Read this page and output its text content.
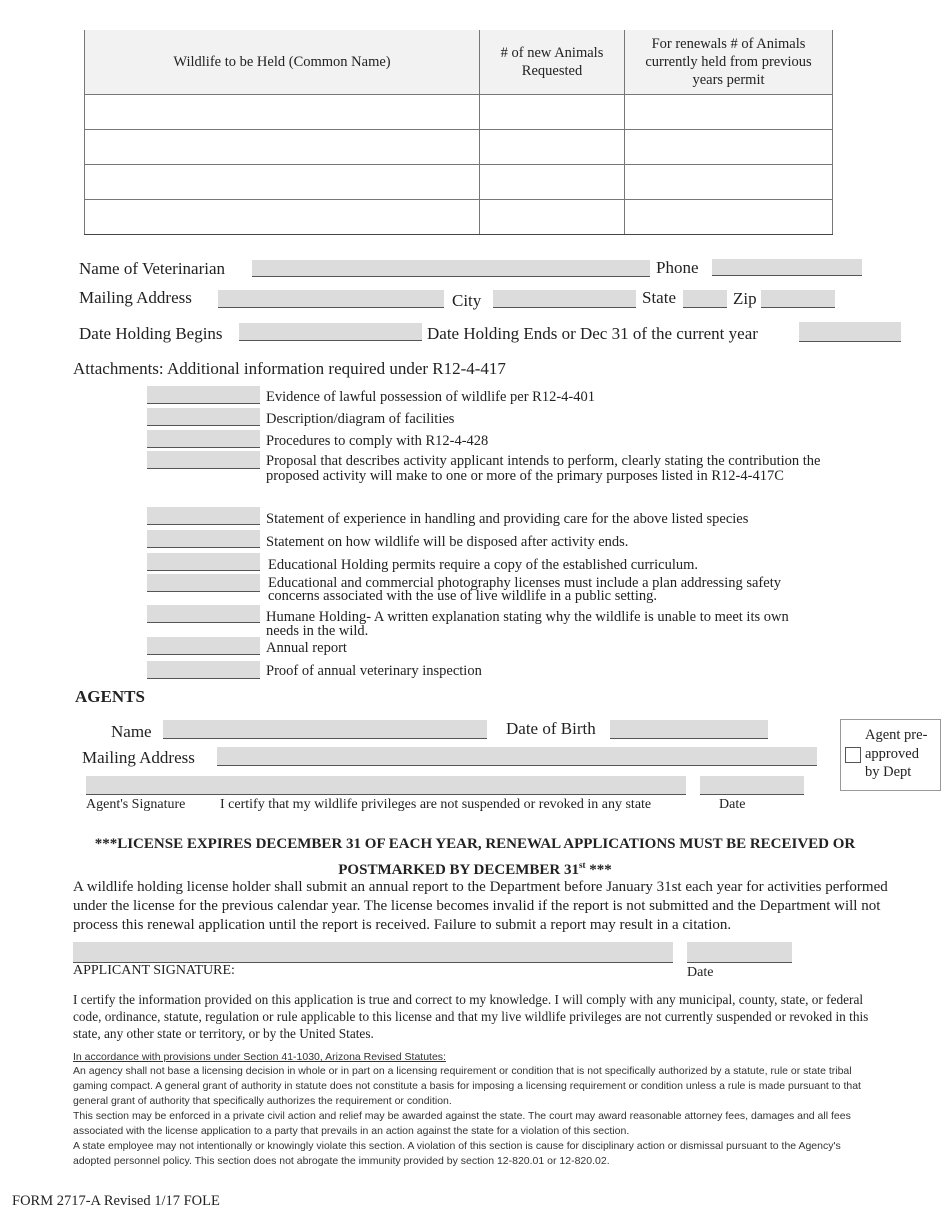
Wildlife to be Held (Common Name)	# of new Animals Requested	For renewals # of Animals currently held from previous years permit

Name of Veterinarian	Phone
Mailing Address	City	State	Zip
Date Holding Begins	Date Holding Ends or Dec 31 of the current year
Attachments: Additional information required under R12-4-417
Evidence of lawful possession of wildlife per R12-4-401
Description/diagram of facilities
Procedures to comply with R12-4-428
Proposal that describes activity applicant intends to perform, clearly stating the contribution the proposed activity will make to one or more of the primary purposes listed in R12-4-417C
Statement of experience in handling and providing care for the above listed species
Statement on how wildlife will be disposed after activity ends.
Educational Holding permits require a copy of the established curriculum.
Educational and commercial photography licenses must include a plan addressing safety concerns associated with the use of live wildlife in a public setting.
Humane Holding- A written explanation stating why the wildlife is unable to meet its own needs in the wild.
Annual report
Proof of annual veterinary inspection
AGENTS
Name	Date of Birth
Mailing Address
Agent pre-approved by Dept
Agent's Signature I certify that my wildlife privileges are not suspended or revoked in any state	Date
***LICENSE EXPIRES DECEMBER 31 OF EACH YEAR, RENEWAL APPLICATIONS MUST BE RECEIVED OR
POSTMARKED BY DECEMBER 31st ***
A wildlife holding license holder shall submit an annual report to the Department before January 31st each year for activities performed under the license for the previous calendar year. The license becomes invalid if the report is not submitted and the Department will not process this renewal application until the report is received. Failure to submit a report may result in a citation.
APPLICANT SIGNATURE:	Date
I certify the information provided on this application is true and correct to my knowledge. I will comply with any municipal, county, state, or federal code, ordinance, statute, regulation or rule applicable to this license and that my live wildlife privileges are not currently suspended or revoked in this state, any other state or territory, or by the United States.
In accordance with provisions under Section 41-1030, Arizona Revised Statutes:
An agency shall not base a licensing decision in whole or in part on a licensing requirement or condition that is not specifically authorized by a statute, rule or state tribal gaming compact. A general grant of authority in statute does not constitute a basis for imposing a licensing requirement or condition unless a rule is made pursuant to that general grant of authority that specifically authorizes the requirement or condition.
This section may be enforced in a private civil action and relief may be awarded against the state. The court may award reasonable attorney fees, damages and all fees associated with the license application to a party that prevails in an action against the state for a violation of this section.
A state employee may not intentionally or knowingly violate this section. A violation of this section is cause for disciplinary action or dismissal pursuant to the Agency's adopted personnel policy. This section does not abrogate the immunity provided by section 12-820.01 or 12-820.02.
FORM 2717-A Revised 1/17 FOLE
